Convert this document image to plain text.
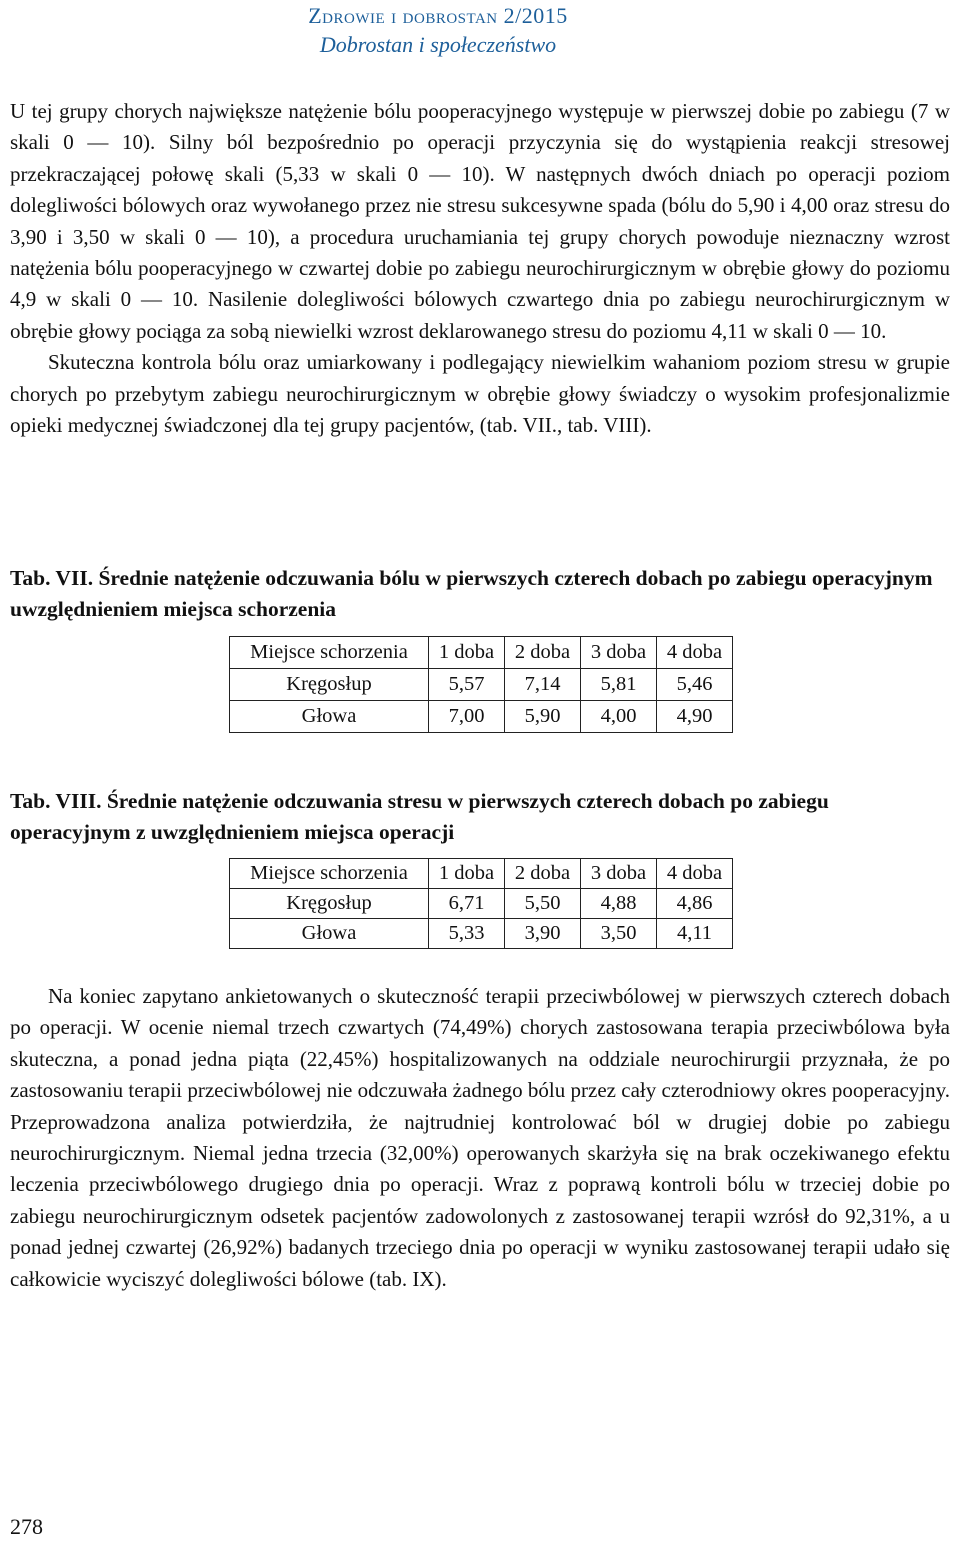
Zdrowie i dobrostan 2/2015
Dobrostan i społeczeństwo

U tej grupy chorych największe natężenie bólu pooperacyjnego występuje w pierwszej dobie po zabiegu (7 w skali 0 — 10). Silny ból bezpośrednio po operacji przyczynia się do wystąpienia reakcji stresowej przekraczającej połowę skali (5,33 w skali 0 — 10). W następnych dwóch dniach po operacji poziom dolegliwości bólowych oraz wywołanego przez nie stresu sukcesywne spada (bólu do 5,90 i 4,00 oraz stresu do 3,90 i 3,50 w skali 0 — 10), a procedura uruchamiania tej grupy chorych powoduje nieznaczny wzrost natężenia bólu pooperacyjnego w czwartej dobie po zabiegu neurochirurgicznym w obrębie głowy do poziomu 4,9 w skali 0 — 10. Nasilenie dolegliwości bólowych czwartego dnia po zabiegu neurochirurgicznym w obrębie głowy pociąga za sobą niewielki wzrost deklarowanego stresu do poziomu 4,11 w skali 0 — 10.
Skuteczna kontrola bólu oraz umiarkowany i podlegający niewielkim wahaniom poziom stresu w grupie chorych po przebytym zabiegu neurochirurgicznym w obrębie głowy świadczy o wysokim profesjonalizmie opieki medycznej świadczonej dla tej grupy pacjentów, (tab. VII., tab. VIII).

Tab. VII. Średnie natężenie odczuwania bólu w pierwszych czterech dobach po zabiegu operacyjnym uwzględnieniem miejsca schorzenia

Miejsce schorzenia	1 doba	2 doba	3 doba	4 doba
Kręgosłup	5,57	7,14	5,81	5,46
Głowa	7,00	5,90	4,00	4,90

Tab. VIII. Średnie natężenie odczuwania stresu w pierwszych czterech dobach po zabiegu operacyjnym z uwzględnieniem miejsca operacji

Miejsce schorzenia	1 doba	2 doba	3 doba	4 doba
Kręgosłup	6,71	5,50	4,88	4,86
Głowa	5,33	3,90	3,50	4,11

Na koniec zapytano ankietowanych o skuteczność terapii przeciwbólowej w pierwszych czterech dobach po operacji. W ocenie niemal trzech czwartych (74,49%) chorych zastosowana terapia przeciwbólowa była skuteczna, a ponad jedna piąta (22,45%) hospitalizowanych na oddziale neurochirurgii przyznała, że po zastosowaniu terapii przeciwbólowej nie odczuwała żadnego bólu przez cały czterodniowy okres pooperacyjny. Przeprowadzona analiza potwierdziła, że najtrudniej kontrolować ból w drugiej dobie po zabiegu neurochirurgicznym. Niemal jedna trzecia (32,00%) operowanych skarżyła się na brak oczekiwanego efektu leczenia przeciwbólowego drugiego dnia po operacji. Wraz z poprawą kontroli bólu w trzeciej dobie po zabiegu neurochirurgicznym odsetek pacjentów zadowolonych z zastosowanej terapii wzrósł do 92,31%, a u ponad jednej czwartej (26,92%) badanych trzeciego dnia po operacji w wyniku zastosowanej terapii udało się całkowicie wyciszyć dolegliwości bólowe (tab. IX).

278
